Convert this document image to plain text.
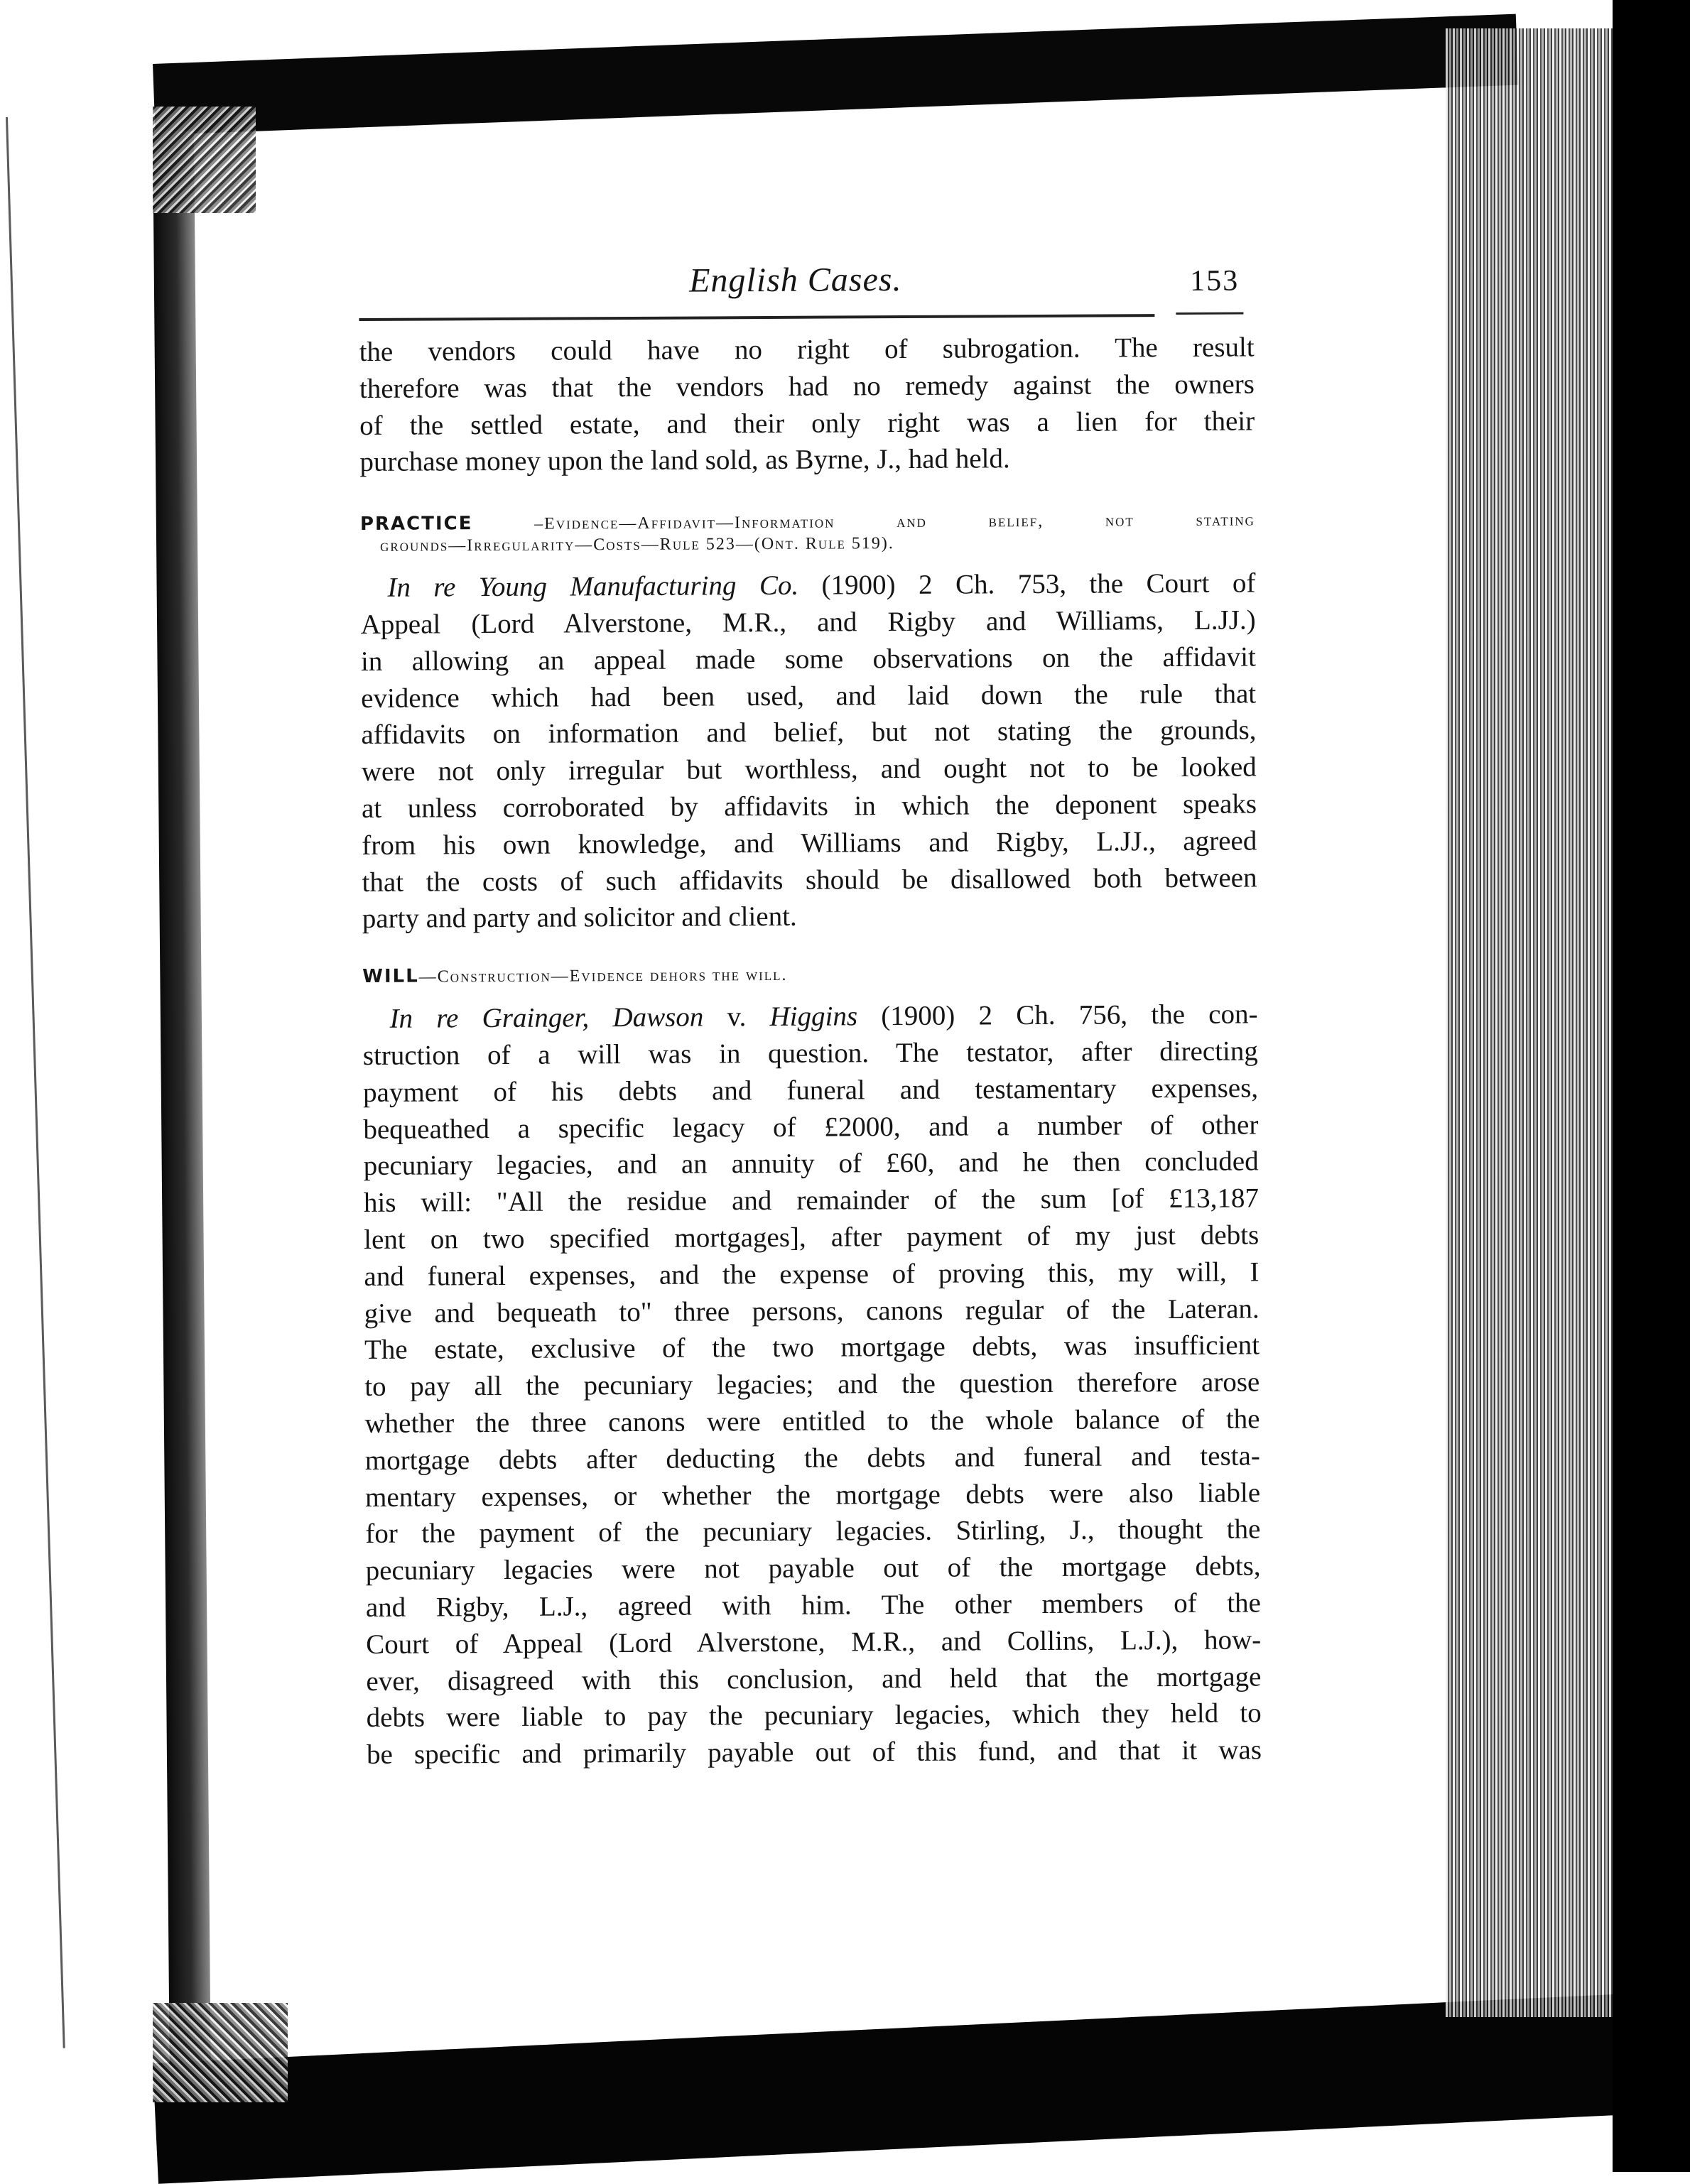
English Cases.	153
the vendors could have no right of subrogation. The result
therefore was that the vendors had no remedy against the owners
of the settled estate, and their only right was a lien for their
purchase money upon the land sold, as Byrne, J., had held.
PRACTICE –Evidence—Affidavit—Information and belief, not stating
grounds—Irregularity—Costs—Rule 523—(Ont. Rule 519).
In re Young Manufacturing Co. (1900) 2 Ch. 753, the Court of
Appeal (Lord Alverstone, M.R., and Rigby and Williams, L.JJ.)
in allowing an appeal made some observations on the affidavit
evidence which had been used, and laid down the rule that
affidavits on information and belief, but not stating the grounds,
were not only irregular but worthless, and ought not to be looked
at unless corroborated by affidavits in which the deponent speaks
from his own knowledge, and Williams and Rigby, L.JJ., agreed
that the costs of such affidavits should be disallowed both between
party and party and solicitor and client.
WILL—Construction—Evidence dehors the will.
In re Grainger, Dawson v. Higgins (1900) 2 Ch. 756, the con-
struction of a will was in question. The testator, after directing
payment of his debts and funeral and testamentary expenses,
bequeathed a specific legacy of £2000, and a number of other
pecuniary legacies, and an annuity of £60, and he then concluded
his will: "All the residue and remainder of the sum [of £13,187
lent on two specified mortgages], after payment of my just debts
and funeral expenses, and the expense of proving this, my will, I
give and bequeath to" three persons, canons regular of the Lateran.
The estate, exclusive of the two mortgage debts, was insufficient
to pay all the pecuniary legacies; and the question therefore arose
whether the three canons were entitled to the whole balance of the
mortgage debts after deducting the debts and funeral and testa-
mentary expenses, or whether the mortgage debts were also liable
for the payment of the pecuniary legacies. Stirling, J., thought the
pecuniary legacies were not payable out of the mortgage debts,
and Rigby, L.J., agreed with him. The other members of the
Court of Appeal (Lord Alverstone, M.R., and Collins, L.J.), how-
ever, disagreed with this conclusion, and held that the mortgage
debts were liable to pay the pecuniary legacies, which they held to
be specific and primarily payable out of this fund, and that it was
